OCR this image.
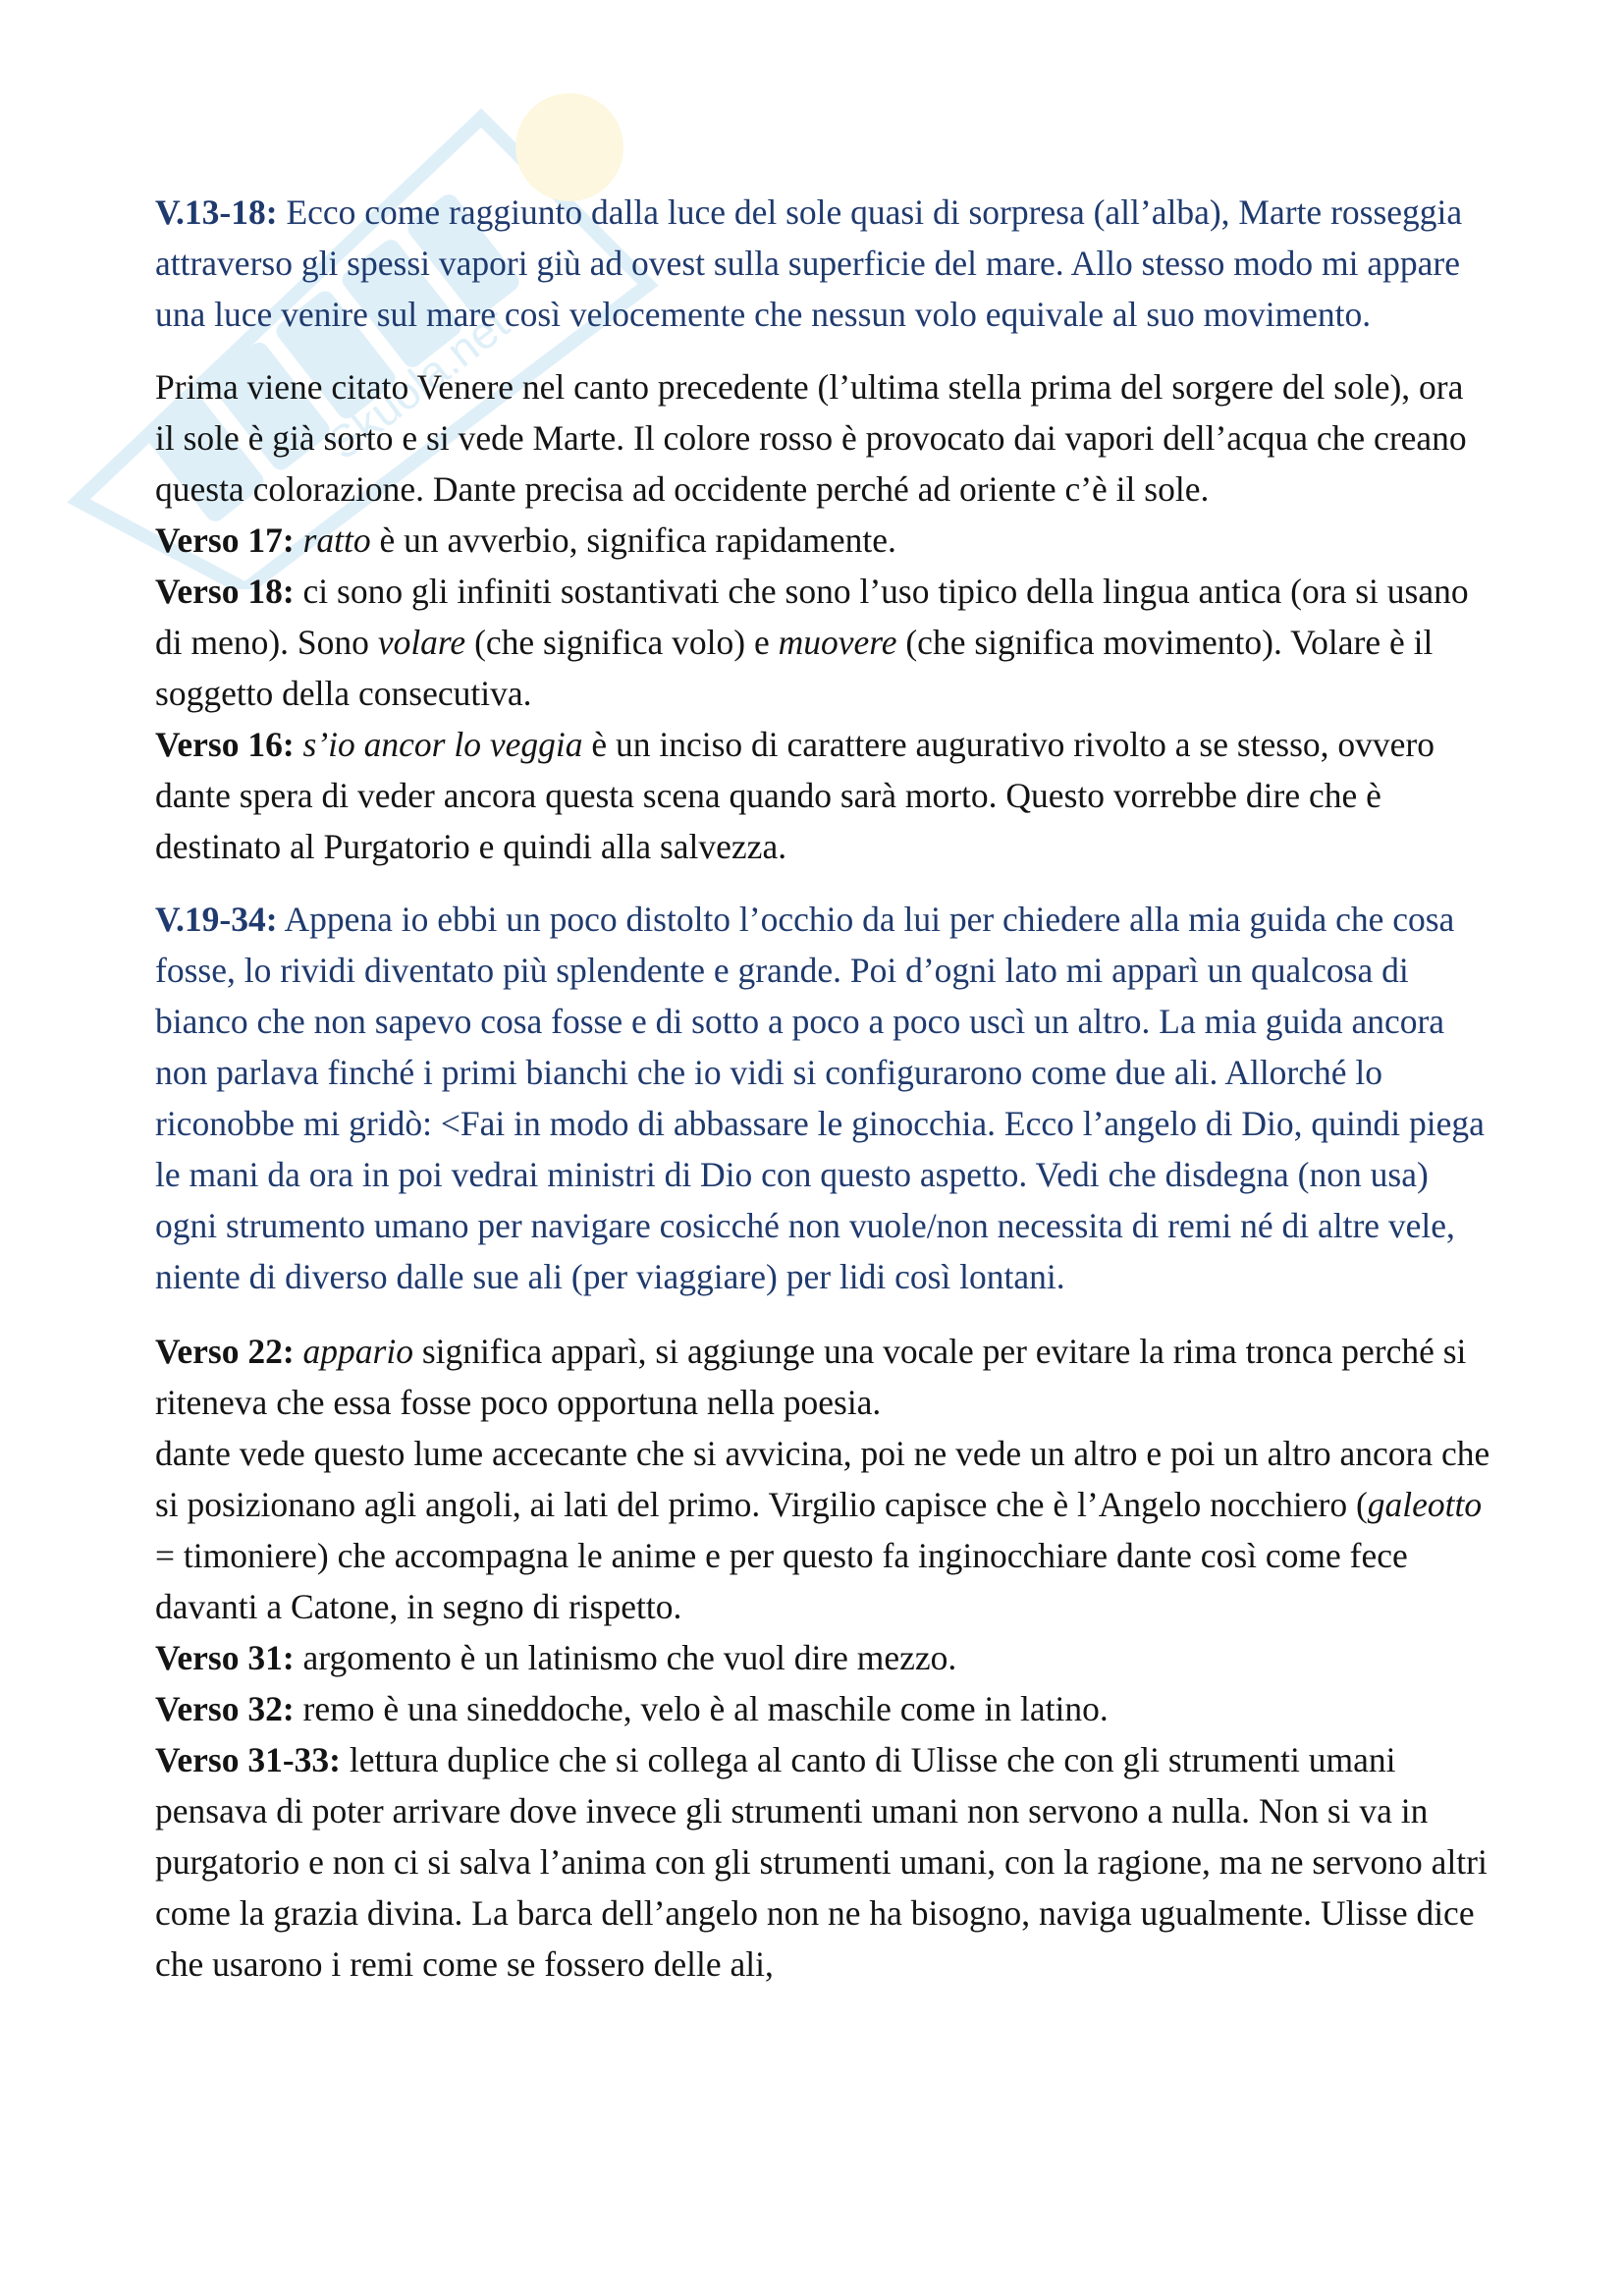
Skuola.net

V.13-18: Ecco come raggiunto dalla luce del sole quasi di sorpresa (all’alba), Marte rosseggia attraverso gli spessi vapori giù ad ovest sulla superficie del mare. Allo stesso modo mi appare una luce venire sul mare così velocemente che nessun volo equivale al suo movimento.

Prima viene citato Venere nel canto precedente (l’ultima stella prima del sorgere del sole), ora il sole è già sorto e si vede Marte. Il colore rosso è provocato dai vapori dell’acqua che creano questa colorazione. Dante precisa ad occidente perché ad oriente c’è il sole.

Verso 17: ratto è un avverbio, significa rapidamente.

Verso 18: ci sono gli infiniti sostantivati che sono l’uso tipico della lingua antica (ora si usano di meno). Sono volare (che significa volo) e muovere (che significa movimento). Volare è il soggetto della consecutiva.

Verso 16: s’io ancor lo veggia è un inciso di carattere augurativo rivolto a se stesso, ovvero dante spera di veder ancora questa scena quando sarà morto. Questo vorrebbe dire che è destinato al Purgatorio e quindi alla salvezza.

V.19-34: Appena io ebbi un poco distolto l’occhio da lui per chiedere alla mia guida che cosa fosse, lo rividi diventato più splendente e grande. Poi d’ogni lato mi apparì un qualcosa di bianco che non sapevo cosa fosse e di sotto a poco a poco uscì un altro. La mia guida ancora non parlava finché i primi bianchi che io vidi si configurarono come due ali. Allorché lo riconobbe mi gridò: <Fai in modo di abbassare le ginocchia. Ecco l’angelo di Dio, quindi piega le mani da ora in poi vedrai ministri di Dio con questo aspetto. Vedi che disdegna (non usa) ogni strumento umano per navigare cosicché non vuole/non necessita di remi né di altre vele, niente di diverso dalle sue ali (per viaggiare) per lidi così lontani.

Verso 22: appario significa apparì, si aggiunge una vocale per evitare la rima tronca perché si riteneva che essa fosse poco opportuna nella poesia.

dante vede questo lume accecante che si avvicina, poi ne vede un altro e poi un altro ancora che si posizionano agli angoli, ai lati del primo. Virgilio capisce che è l’Angelo nocchiero (galeotto = timoniere) che accompagna le anime e per questo fa inginocchiare dante così come fece davanti a Catone, in segno di rispetto.

Verso 31: argomento è un latinismo che vuol dire mezzo.

Verso 32: remo è una sineddoche, velo è al maschile come in latino.

Verso 31-33: lettura duplice che si collega al canto di Ulisse che con gli strumenti umani pensava di poter arrivare dove invece gli strumenti umani non servono a nulla. Non si va in purgatorio e non ci si salva l’anima con gli strumenti umani, con la ragione, ma ne servono altri come la grazia divina. La barca dell’angelo non ne ha bisogno, naviga ugualmente. Ulisse dice che usarono i remi come se fossero delle ali,
